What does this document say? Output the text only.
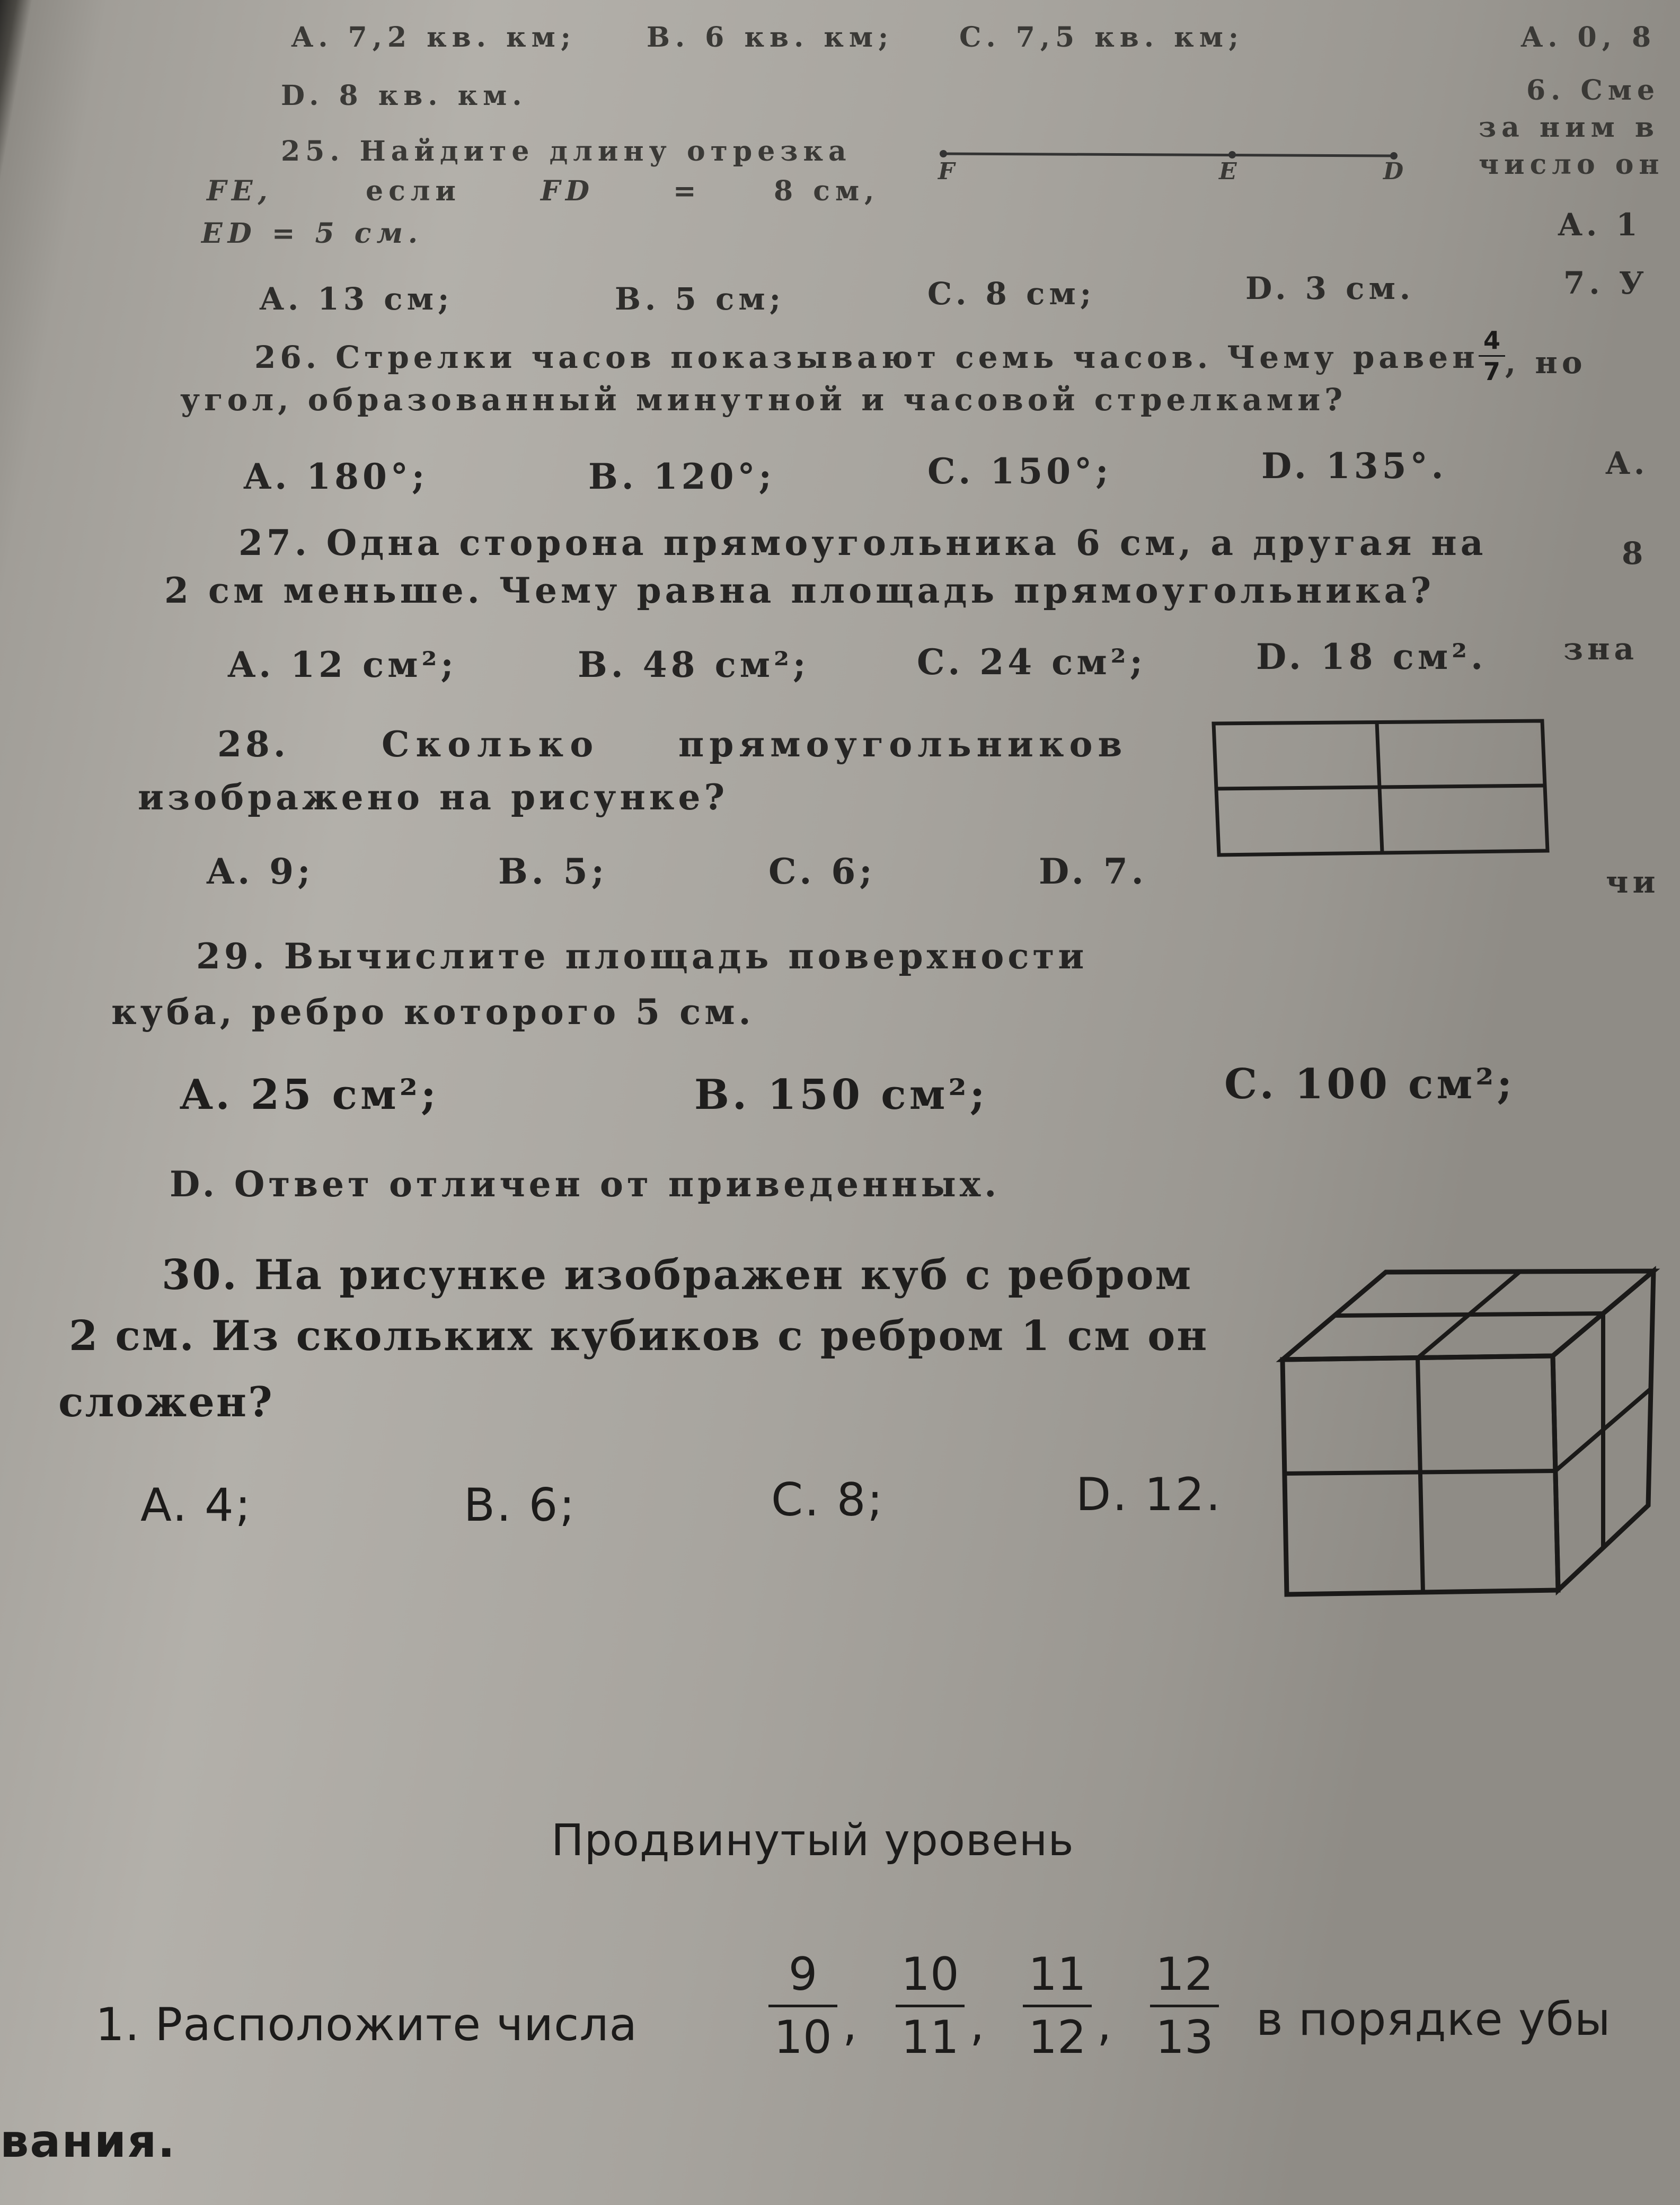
A. 7,2 кв. км;	B. 6 кв. км; C. 7,5 кв. км;
D. 8 кв. км.
A. 0, 8
6. Сме
за ним в
число он
A. 1
7. У
4
7 , но
A.
8
зна
чи
25. Найдите длину отрезка
FE,	если	FD	=	8 см,
ED = 5 см.
F	E	D
A. 13 см;	B. 5 см;	C. 8 см;	D. 3 см.
26. Стрелки часов показывают семь часов. Чему равен
угол, образованный минутной и часовой стрелками?
A. 180°;	B. 120°;	C. 150°;	D. 135°.
27. Одна сторона прямоугольника 6 см, а другая на
2 см меньше. Чему равна площадь прямоугольника?
A. 12 см²;	B. 48 см²;	C. 24 см²;	D. 18 см².
28.	Сколько прямоугольников
изображено на рисунке?
A. 9;	B. 5;	C. 6;	D. 7.
29. Вычислите площадь поверхности
куба, ребро которого 5 см.
A. 25 см²;	B. 150 см²;	C. 100 см²;
D. Ответ отличен от приведенных.
30. На рисунке изображен куб с ребром
2 см. Из скольких кубиков с ребром 1 см он
сложен?
A. 4;	B. 6;	C. 8;	D. 12.
Продвинутый уровень
1. Расположите числа
9
10 ,
10
11 ,
11
12 ,
12
13 в порядке убы
вания.
